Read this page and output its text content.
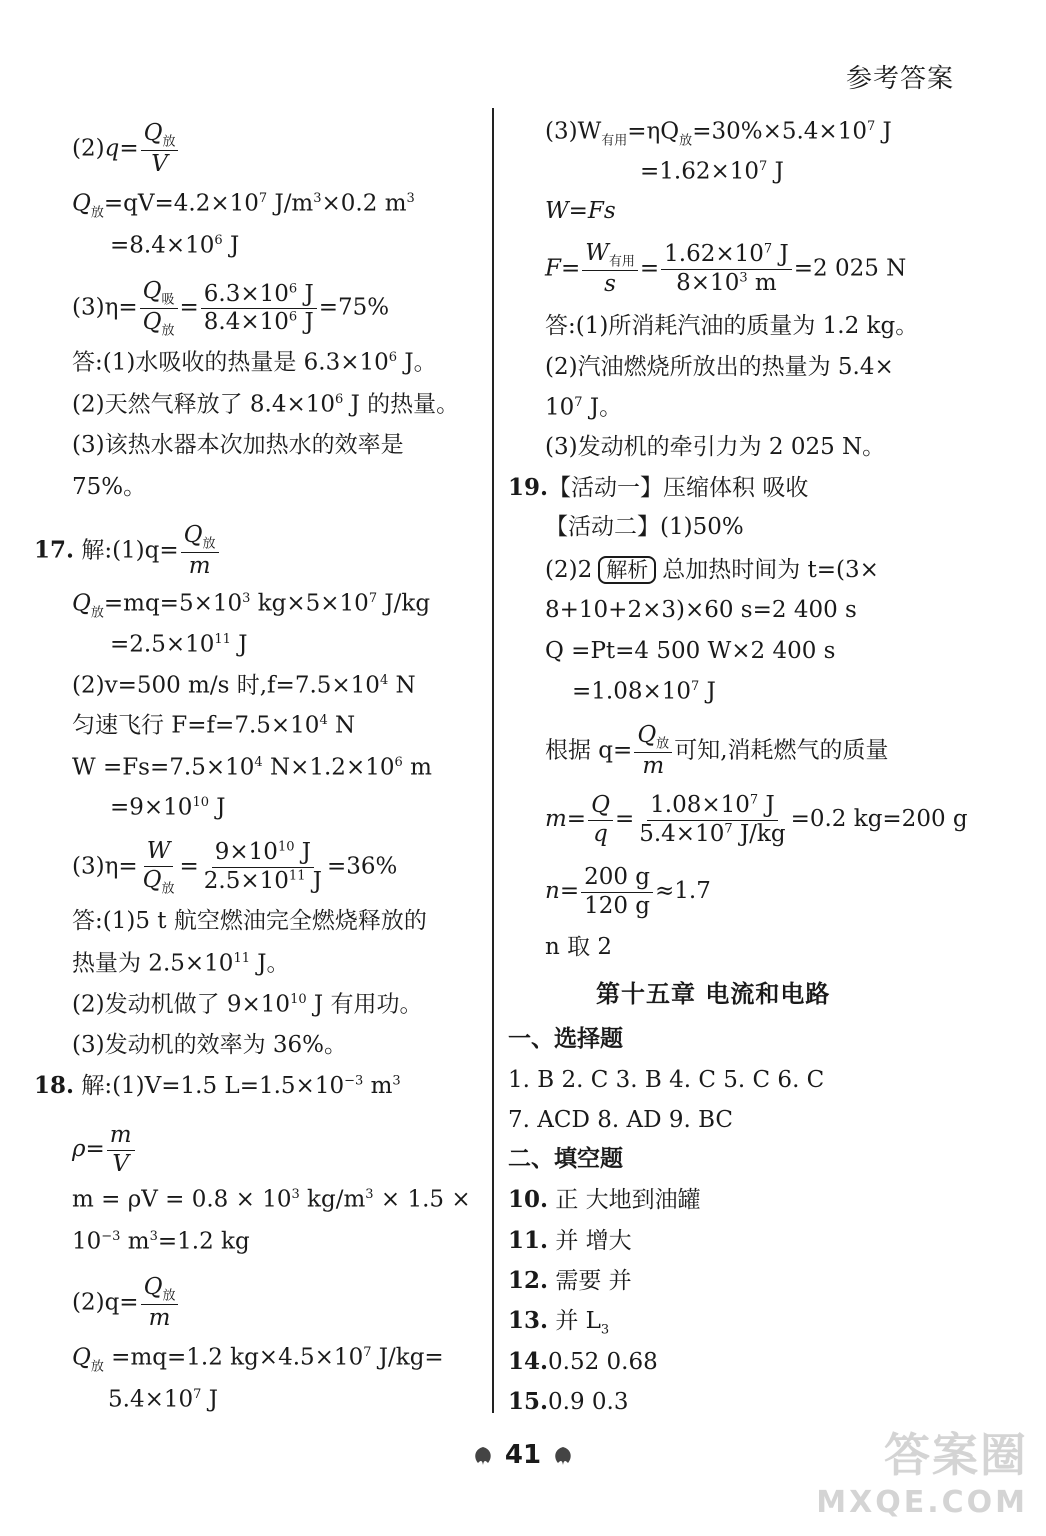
参考答案
$(2)q= \frac{Q_放}{V}$
$Q_放=qV=4.2\times 10^7$ $J/m^3\times 0.2$ $m^3$
$=8.4\times 10^6$ J
$(3)\eta= \frac{Q_吸}{Q_放} = \frac{6.3\times 10^6 J}{8.4\times 10^6 J} =75\%$
答:(1)水吸收的热量是 $6.3\times 10^6$ J。
(2)天然气释放了 $8.4\times 10^6$ J 的热量。
(3)该热水器本次加热水的效率是
75%。
17. 解:(1)q= $\frac{Q_放}{m}$
$Q_放=mq=5\times 10^3$ $kg\times 5\times 10^7$ J/kg
$=2.5\times 10^{11}$ J
(2)v=500 m/s 时$,f=7.5\times 10^4$ N
匀速飞行 $F=f=7.5\times 10^4$ N
$W =Fs=7.5\times 10^4$ $N\times 1.2\times 10^6$ m
$=9\times 10^{10}$ J
$(3)\eta= \frac{W}{Q_放} = \frac{9\times 10^{10} J}{2.5\times 10^{11} J} =36\%$
答:(1)5 t 航空燃油完全燃烧释放的
热量为 $2.5\times 10^{11}$ J。
(2)发动机做了 $9\times 10^{10}$ J 有用功。
(3)发动机的效率为 36%。
18. 解:(1)V=1.5 $L=1.5\times 10^{-3}$ $m^3$
$\rho= \frac{m}{V}$
$m = \rho V = 0.8 \times 10^3$ $kg/m^3 \times 1.5$ ×
$10^{-3}$ $m^3=1.2$ kg
$(2)q= \frac{Q_放}{m}$
$Q_放 =mq=1.2$ $kg\times 4.5\times 10^7$ J/kg=
$5.4\times 10^7$ J
$(3)W_{有用}=\eta Q_放=30\%\times 5.4\times 10^7$ J
$=1.62\times 10^7$ J
W=Fs
$F= \frac{W_{有用}}{s} = \frac{1.62\times 10^7 J}{8\times 10^3 m} =2$ 025 N
答:(1)所消耗汽油的质量为 1.2 kg。
(2)汽油燃烧所放出的热量为 5.4×
$10^7$ J。
(3)发动机的牵引力为 2 025 N。
19.【活动一】压缩体积 吸收
【活动二】(1)50%
(2)2 解析 总加热时间为 t=(3×
8+10+2×3)×60 s=2 400 s
Q =Pt=4 500 W×2 400 s
$=1.08\times 10^7$ J
根据 $q= \frac{Q_放}{m}$ 可知,消耗燃气的质量
$m= \frac{Q}{q} = \frac{1.08\times 10^7 J}{5.4\times 10^7 J/kg} =0.2$ kg=200 g
$n= \frac{200 g}{120 g} \approx 1.7$
n 取 2
第十五章 电流和电路
一、选择题
1. B 2. C 3. B 4. C 5. C 6. C
7. ACD 8. AD 9. BC
二、填空题
10. 正 大地到油罐
11. 并 增大
12. 需要 并
13. 并 $L_3$
14.0.52 0.68
15.0.9 0.3
41	答案圈
MXQE.COM
